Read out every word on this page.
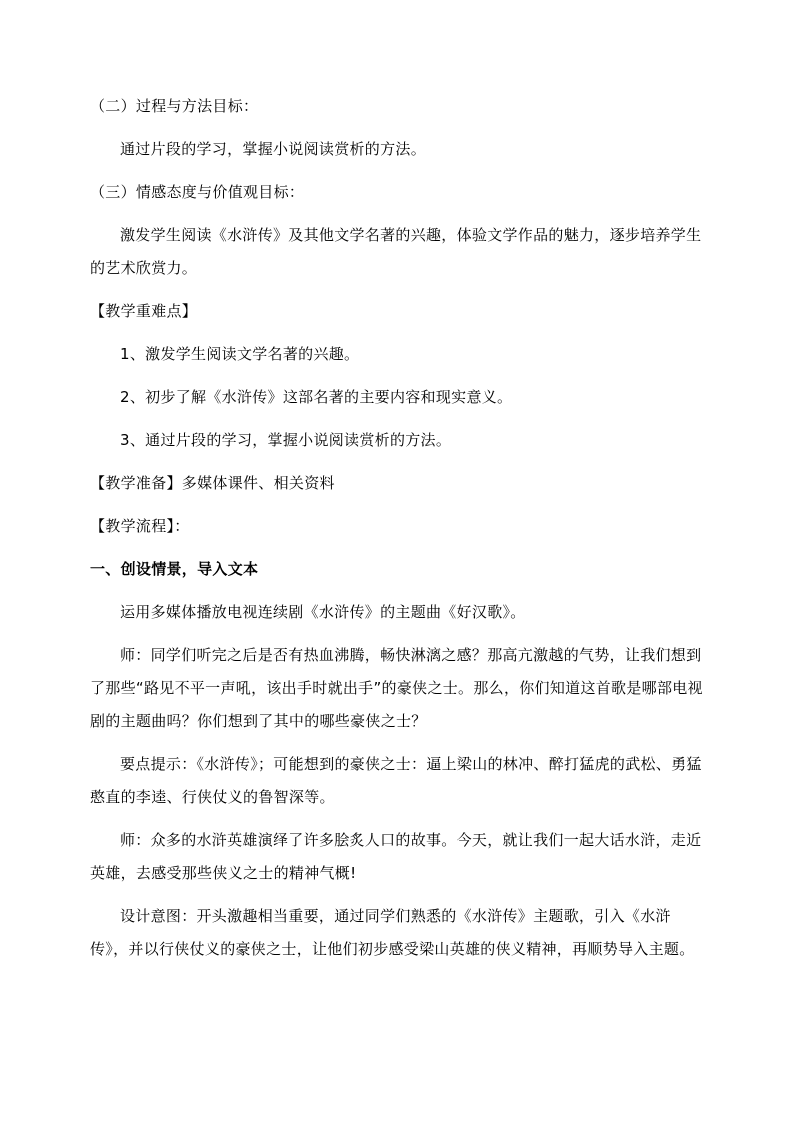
（二）过程与方法目标：

通过片段的学习，掌握小说阅读赏析的方法。

（三）情感态度与价值观目标：

激发学生阅读《水浒传》及其他文学名著的兴趣，体验文学作品的魅力，逐步培养学生的艺术欣赏力。

【教学重难点】

1、激发学生阅读文学名著的兴趣。

2、初步了解《水浒传》这部名著的主要内容和现实意义。

3、通过片段的学习，掌握小说阅读赏析的方法。

【教学准备】多媒体课件、相关资料

【教学流程】：

一、创设情景，导入文本

运用多媒体播放电视连续剧《水浒传》的主题曲《好汉歌》。

师：同学们听完之后是否有热血沸腾，畅快淋漓之感？那高亢激越的气势，让我们想到了那些“路见不平一声吼，该出手时就出手”的豪侠之士。那么，你们知道这首歌是哪部电视剧的主题曲吗？你们想到了其中的哪些豪侠之士？

要点提示：《水浒传》；可能想到的豪侠之士：逼上梁山的林冲、醉打猛虎的武松、勇猛憨直的李逵、行侠仗义的鲁智深等。

师：众多的水浒英雄演绎了许多脍炙人口的故事。今天，就让我们一起大话水浒，走近英雄，去感受那些侠义之士的精神气概!

设计意图：开头激趣相当重要，通过同学们熟悉的《水浒传》主题歌，引入《水浒传》，并以行侠仗义的豪侠之士，让他们初步感受梁山英雄的侠义精神，再顺势导入主题。
